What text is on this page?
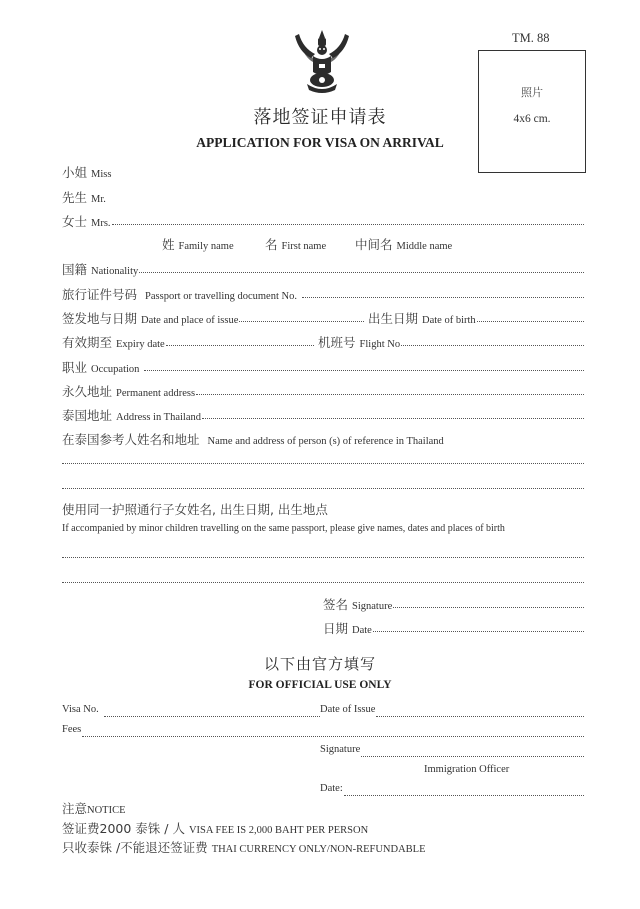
TM. 88
落地签证申请表
APPLICATION FOR VISA ON ARRIVAL
照片
4x6 cm.
小姐 Miss
先生 Mr.
女士 Mrs.
姓 Family name	名 First name 中间名 Middle name
国籍 Nationality
旅行证件号码 Passport or travelling document No.
签发地与日期 Date and place of issue	出生日期 Date of birth
有效期至 Expiry date	机班号 Flight No
职业 Occupation
永久地址 Permanent address
泰国地址 Address in Thailand
在泰国参考人姓名和地址 Name and address of person (s) of reference in Thailand
使用同一护照通行子女姓名, 出生日期, 出生地点
If accompanied by minor children travelling on the same passport, please give names, dates and places of birth
签名 Signature
日期 Date
以下由官方填写
FOR OFFICIAL USE ONLY
Visa No.	Date of Issue
Fees
Signature
Immigration Officer
Date:
注意 NOTICE
签证费2000 泰铢 / 人 VISA FEE IS 2,000 BAHT PER PERSON
只收泰铢 /不能退还签证费 THAI CURRENCY ONLY/NON-REFUNDABLE
